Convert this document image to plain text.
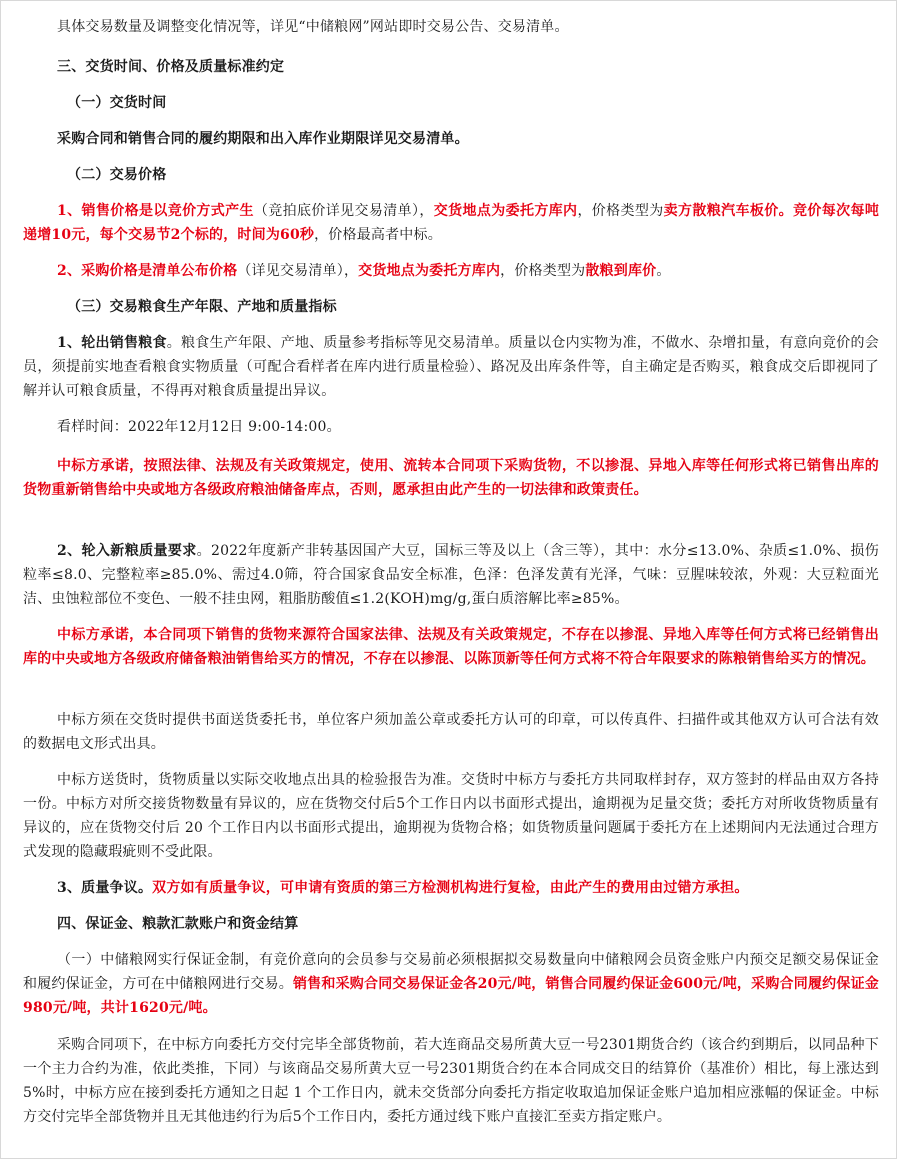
具体交易数量及调整变化情况等，详见“中储粮网”网站即时交易公告、交易清单。

三、交货时间、价格及质量标准约定

（一）交货时间

采购合同和销售合同的履约期限和出入库作业期限详见交易清单。

（二）交易价格

1、销售价格是以竞价方式产生（竞拍底价详见交易清单），交货地点为委托方库内，价格类型为卖方散粮汽车板价。竞价每次每吨递增10元，每个交易节2个标的，时间为60秒，价格最高者中标。

2、采购价格是清单公布价格（详见交易清单），交货地点为委托方库内，价格类型为散粮到库价。

（三）交易粮食生产年限、产地和质量指标

1、轮出销售粮食。粮食生产年限、产地、质量参考指标等见交易清单。质量以仓内实物为准，不做水、杂增扣量，有意向竞价的会员，须提前实地查看粮食实物质量（可配合看样者在库内进行质量检验）、路况及出库条件等，自主确定是否购买，粮食成交后即视同了解并认可粮食质量，不得再对粮食质量提出异议。

看样时间：2022年12月12日 9:00-14:00。

中标方承诺，按照法律、法规及有关政策规定，使用、流转本合同项下采购货物，不以掺混、异地入库等任何形式将已销售出库的货物重新销售给中央或地方各级政府粮油储备库点，否则，愿承担由此产生的一切法律和政策责任。

2、轮入新粮质量要求。2022年度新产非转基因国产大豆，国标三等及以上（含三等），其中：水分≤13.0%、杂质≤1.0%、损伤粒率≤8.0、完整粒率≥85.0%、需过4.0筛，符合国家食品安全标准，色泽：色泽发黄有光泽，气味：豆腥味较浓，外观：大豆粒面光洁、虫蚀粒部位不变色、一般不挂虫网，粗脂肪酸值≤1.2(KOH)mg/g,蛋白质溶解比率≥85%。

中标方承诺，本合同项下销售的货物来源符合国家法律、法规及有关政策规定，不存在以掺混、异地入库等任何方式将已经销售出库的中央或地方各级政府储备粮油销售给买方的情况，不存在以掺混、以陈顶新等任何方式将不符合年限要求的陈粮销售给买方的情况。

中标方须在交货时提供书面送货委托书，单位客户须加盖公章或委托方认可的印章，可以传真件、扫描件或其他双方认可合法有效的数据电文形式出具。

中标方送货时，货物质量以实际交收地点出具的检验报告为准。交货时中标方与委托方共同取样封存，双方签封的样品由双方各持一份。中标方对所交接货物数量有异议的，应在货物交付后5个工作日内以书面形式提出，逾期视为足量交货；委托方对所收货物质量有异议的，应在货物交付后 20 个工作日内以书面形式提出，逾期视为货物合格；如货物质量问题属于委托方在上述期间内无法通过合理方式发现的隐藏瑕疵则不受此限。

3、质量争议。双方如有质量争议，可申请有资质的第三方检测机构进行复检，由此产生的费用由过错方承担。

四、保证金、粮款汇款账户和资金结算

（一）中储粮网实行保证金制，有竞价意向的会员参与交易前必须根据拟交易数量向中储粮网会员资金账户内预交足额交易保证金和履约保证金，方可在中储粮网进行交易。销售和采购合同交易保证金各20元/吨，销售合同履约保证金600元/吨，采购合同履约保证金980元/吨，共计1620元/吨。

采购合同项下，在中标方向委托方交付完毕全部货物前，若大连商品交易所黄大豆一号2301期货合约（该合约到期后，以同品种下一个主力合约为准，依此类推，下同）与该商品交易所黄大豆一号2301期货合约在本合同成交日的结算价（基准价）相比，每上涨达到 5%时，中标方应在接到委托方通知之日起 1 个工作日内，就未交货部分向委托方指定收取追加保证金账户追加相应涨幅的保证金。中标方交付完毕全部货物并且无其他违约行为后5个工作日内，委托方通过线下账户直接汇至卖方指定账户。
